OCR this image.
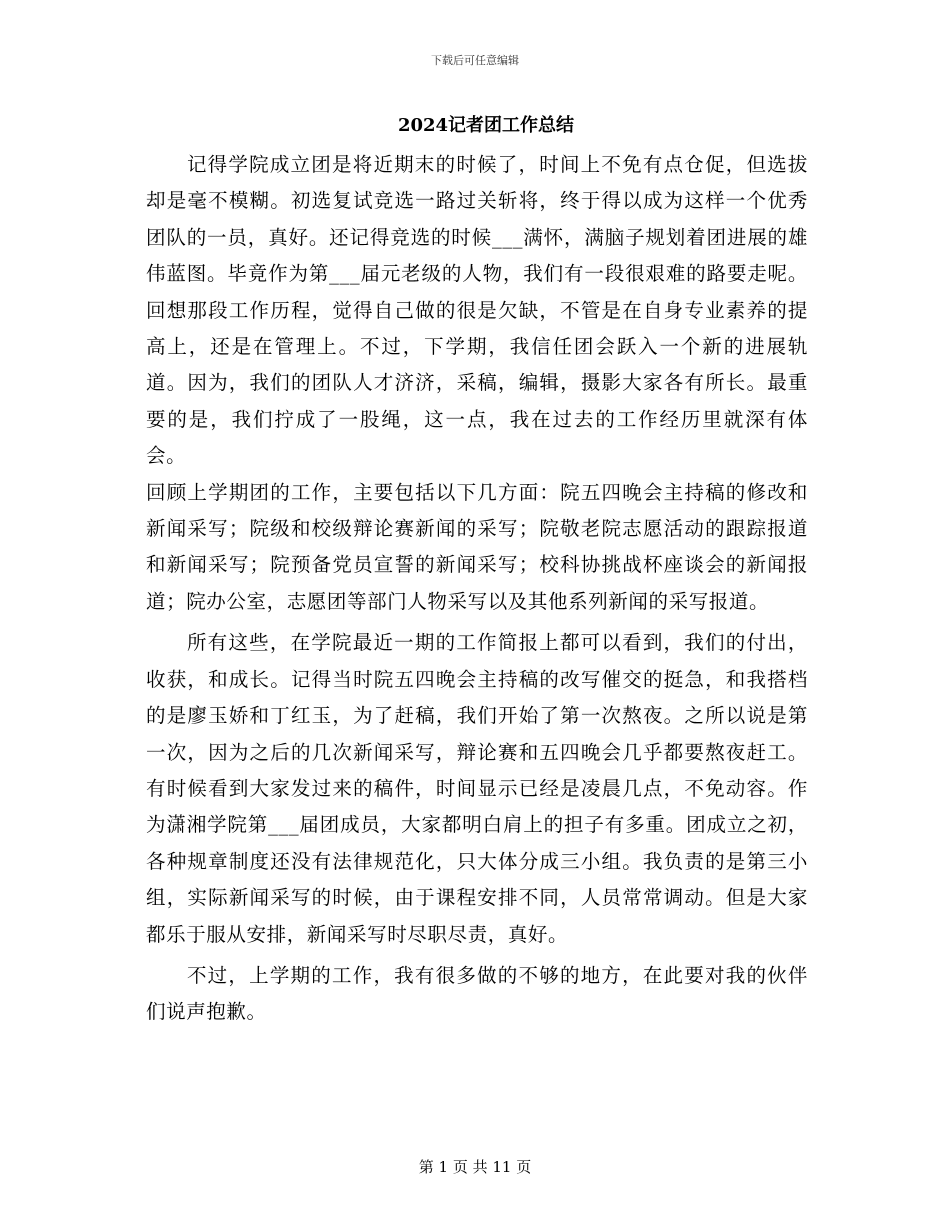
下载后可任意编辑
2024记者团工作总结

记得学院成立团是将近期末的时候了，时间上不免有点仓促，但选拔却是毫不模糊。初选复试竞选一路过关斩将，终于得以成为这样一个优秀团队的一员，真好。还记得竞选的时候___满怀，满脑子规划着团进展的雄伟蓝图。毕竟作为第___届元老级的人物，我们有一段很艰难的路要走呢。回想那段工作历程，觉得自己做的很是欠缺，不管是在自身专业素养的提高上，还是在管理上。不过，下学期，我信任团会跃入一个新的进展轨道。因为，我们的团队人才济济，采稿，编辑，摄影大家各有所长。最重要的是，我们拧成了一股绳，这一点，我在过去的工作经历里就深有体会。

回顾上学期团的工作，主要包括以下几方面：院五四晚会主持稿的修改和新闻采写；院级和校级辩论赛新闻的采写；院敬老院志愿活动的跟踪报道和新闻采写；院预备党员宣誓的新闻采写；校科协挑战杯座谈会的新闻报道；院办公室，志愿团等部门人物采写以及其他系列新闻的采写报道。

所有这些，在学院最近一期的工作简报上都可以看到，我们的付出，收获，和成长。记得当时院五四晚会主持稿的改写催交的挺急，和我搭档的是廖玉娇和丁红玉，为了赶稿，我们开始了第一次熬夜。之所以说是第一次，因为之后的几次新闻采写，辩论赛和五四晚会几乎都要熬夜赶工。有时候看到大家发过来的稿件，时间显示已经是凌晨几点，不免动容。作为潇湘学院第___届团成员，大家都明白肩上的担子有多重。团成立之初，各种规章制度还没有法律规范化，只大体分成三小组。我负责的是第三小组，实际新闻采写的时候，由于课程安排不同，人员常常调动。但是大家都乐于服从安排，新闻采写时尽职尽责，真好。

不过，上学期的工作，我有很多做的不够的地方，在此要对我的伙伴们说声抱歉。

第 1 页 共 11 页
